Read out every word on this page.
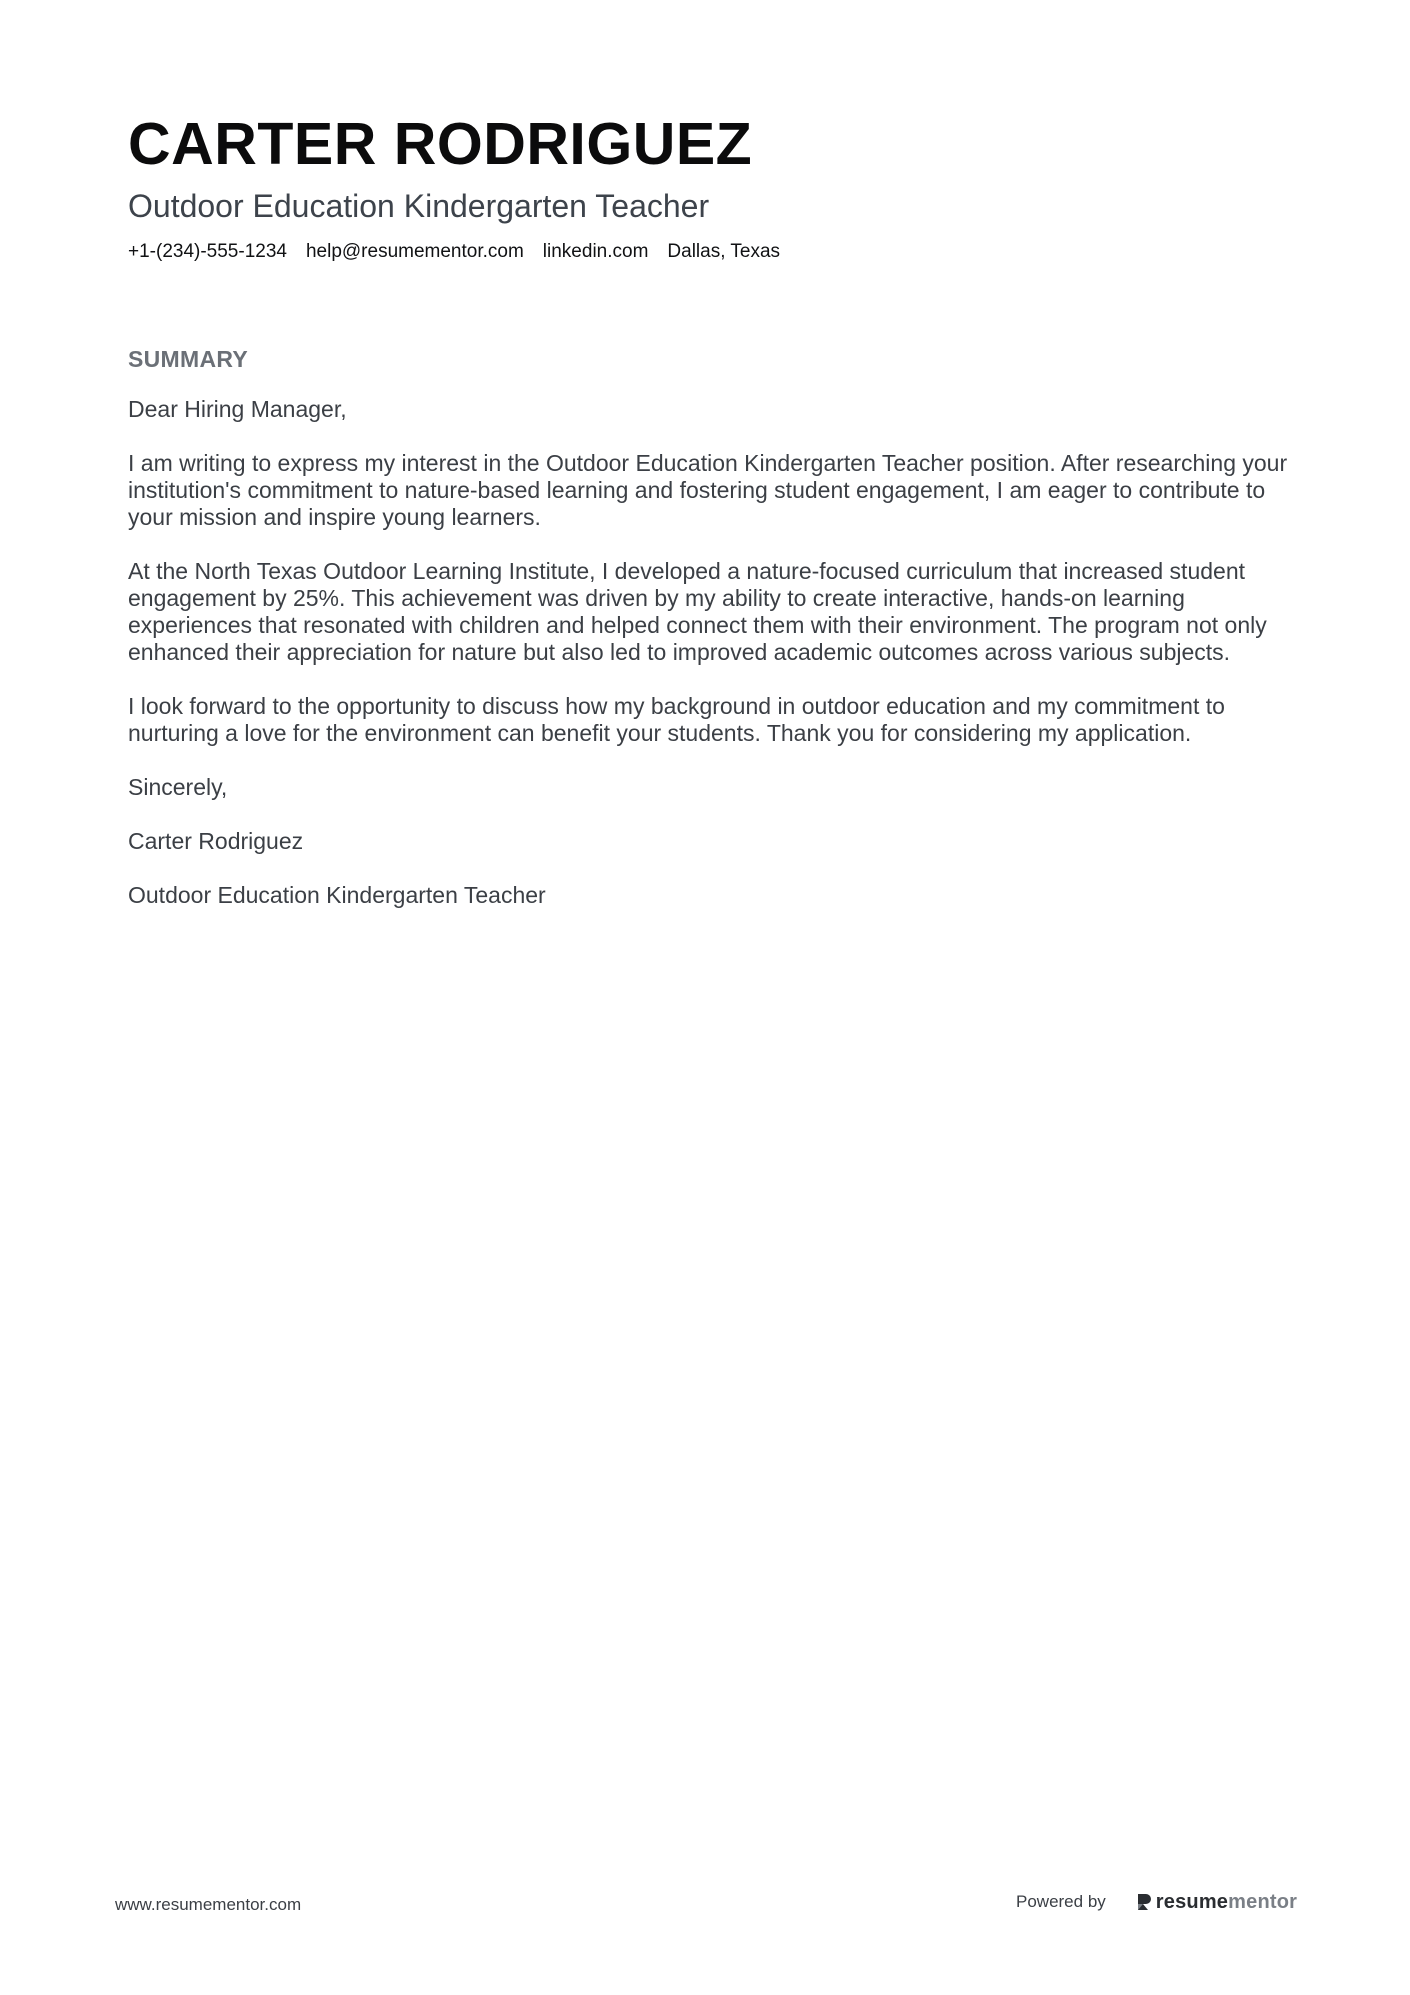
CARTER RODRIGUEZ
Outdoor Education Kindergarten Teacher
+1-(234)-555-1234 help@resumementor.com linkedin.com Dallas, Texas
SUMMARY

Dear Hiring Manager,

I am writing to express my interest in the Outdoor Education Kindergarten Teacher position. After researching your institution's commitment to nature-based learning and fostering student engagement, I am eager to contribute to your mission and inspire young learners.

At the North Texas Outdoor Learning Institute, I developed a nature-focused curriculum that increased student engagement by 25%. This achievement was driven by my ability to create interactive, hands-on learning experiences that resonated with children and helped connect them with their environment. The program not only enhanced their appreciation for nature but also led to improved academic outcomes across various subjects.

I look forward to the opportunity to discuss how my background in outdoor education and my commitment to nurturing a love for the environment can benefit your students. Thank you for considering my application.

Sincerely,

Carter Rodriguez

Outdoor Education Kindergarten Teacher

www.resumementor.com	Powered by	resume mentor
